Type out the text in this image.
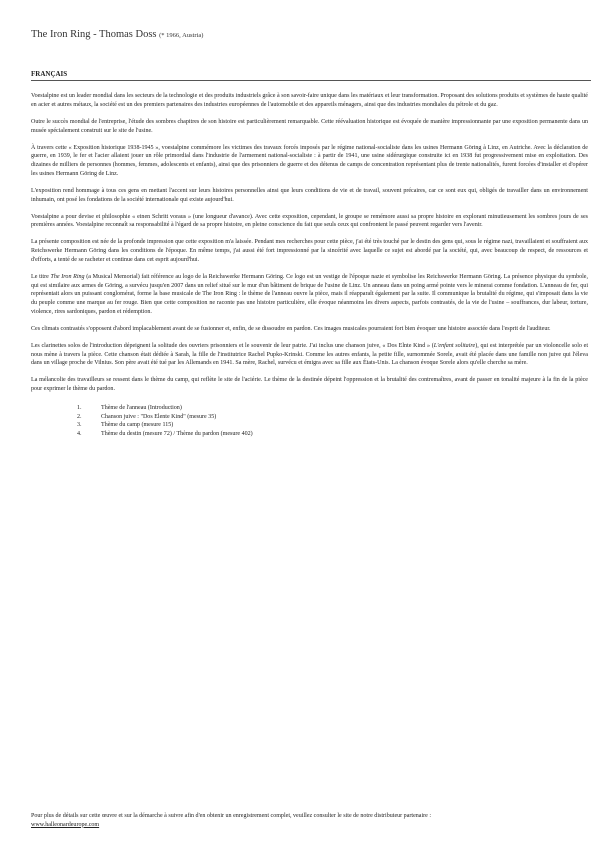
The Iron Ring - Thomas Doss (* 1966, Austria)
FRANÇAIS

Voestalpine est un leader mondial dans les secteurs de la technologie et des produits industriels grâce à son savoir-faire unique dans les matériaux et leur transformation. Proposant des solutions produits et systèmes de haute qualité en acier et autres métaux, la société est un des premiers partenaires des industries européennes de l'automobile et des appareils ménagers, ainsi que des industries mondiales du pétrole et du gaz.

Outre le succès mondial de l'entreprise, l'étude des sombres chapitres de son histoire est particulièrement remarquable. Cette réévaluation historique est évoquée de manière impressionnante par une exposition permanente dans un musée spécialement construit sur le site de l'usine.

À travers cette « Exposition historique 1938-1945 », voestalpine commémore les victimes des travaux forcés imposés par le régime national-socialiste dans les usines Hermann Göring à Linz, en Autriche. Avec la déclaration de guerre, en 1939, le fer et l'acier allaient jouer un rôle primordial dans l'industrie de l'armement national-socialiste : à partir de 1941, une usine sidérurgique construite ici en 1938 fut progressivement mise en exploitation. Des dizaines de milliers de personnes (hommes, femmes, adolescents et enfants), ainsi que des prisonniers de guerre et des détenus de camps de concentration représentant plus de trente nationalités, furent forcées d'installer et d'opérer les usines Hermann Göring de Linz.

L'exposition rend hommage à tous ces gens en mettant l'accent sur leurs histoires personnelles ainsi que leurs conditions de vie et de travail, souvent précaires, car ce sont eux qui, obligés de travailler dans un environnement inhumain, ont posé les fondations de la société internationale qui existe aujourd'hui.

Voestalpine a pour devise et philosophie « einen Schritt voraus » (une longueur d'avance). Avec cette exposition, cependant, le groupe se remémore aussi sa propre histoire en explorant minutieusement les sombres jours de ses premières années. Voestalpine reconnaît sa responsabilité à l'égard de sa propre histoire, en pleine conscience du fait que seuls ceux qui confrontent le passé peuvent regarder vers l'avenir.

La présente composition est née de la profonde impression que cette exposition m'a laissée. Pendant mes recherches pour cette pièce, j'ai été très touché par le destin des gens qui, sous le régime nazi, travaillaient et souffraient aux Reichswerke Hermann Göring dans les conditions de l'époque. En même temps, j'ai aussi été fort impressionné par la sincérité avec laquelle ce sujet est abordé par la société, qui, avec beaucoup de respect, de ressources et d'efforts, a tenté de se racheter et continue dans cet esprit aujourd'hui.

Le titre The Iron Ring (a Musical Memorial) fait référence au logo de la Reichswerke Hermann Göring. Ce logo est un vestige de l'époque nazie et symbolise les Reichswerke Hermann Göring. La présence physique du symbole, qui est similaire aux armes de Göring, a survécu jusqu'en 2007 dans un relief situé sur le mur d'un bâtiment de brique de l'usine de Linz. Un anneau dans un poing armé pointe vers le minerai comme fondation. L'anneau de fer, qui représentait alors un puissant conglomérat, forme la base musicale de The Iron Ring : le thème de l'anneau ouvre la pièce, mais il réapparaît également par la suite. Il communique la brutalité du régime, qui s'imposait dans la vie du peuple comme une marque au fer rouge. Bien que cette composition ne raconte pas une histoire particulière, elle évoque néanmoins les divers aspects, parfois contrastés, de la vie de l'usine – souffrances, dur labeur, torture, violence, rires sardoniques, pardon et rédemption.

Ces climats contrastés s'opposent d'abord implacablement avant de se fusionner et, enfin, de se dissoudre en pardon. Ces images musicales pourraient fort bien évoquer une histoire associée dans l'esprit de l'auditeur.

Les clarinettes solos de l'introduction dépeignent la solitude des ouvriers prisonniers et le souvenir de leur patrie. J'ai inclus une chanson juive, « Dos Elnte Kind » (L'enfant solitaire), qui est interprétée par un violoncelle solo et nous mène à travers la pièce. Cette chanson était dédiée à Sarah, la fille de l'institutrice Rachel Pupko-Krinski. Comme les autres enfants, la petite fille, surnommée Sorele, avait été placée dans une famille non juive qui l'éleva dans un village proche de Vilnius. Son père avait été tué par les Allemands en 1941. Sa mère, Rachel, survécu et émigra avec sa fille aux États-Unis. La chanson évoque Sorele alors qu'elle cherche sa mère.

La mélancolie des travailleurs se ressent dans le thème du camp, qui reflète le site de l'aciérie. Le thème de la destinée dépeint l'oppression et la brutalité des contremaîtres, avant de passer en tonalité majeure à la fin de la pièce pour exprimer le thème du pardon.

1. Thème de l'anneau (Introduction)
2. Chanson juive : "Dos Elente Kind" (mesure 35)
3. Thème du camp (mesure 115)
4. Thème du destin (mesure 72) / Thème du pardon (mesure 402)
Pour plus de détails sur cette œuvre et sur la démarche à suivre afin d'en obtenir un enregistrement complet, veuillez consulter le site de notre distributeur partenaire :
www.halleonardeurope.com
